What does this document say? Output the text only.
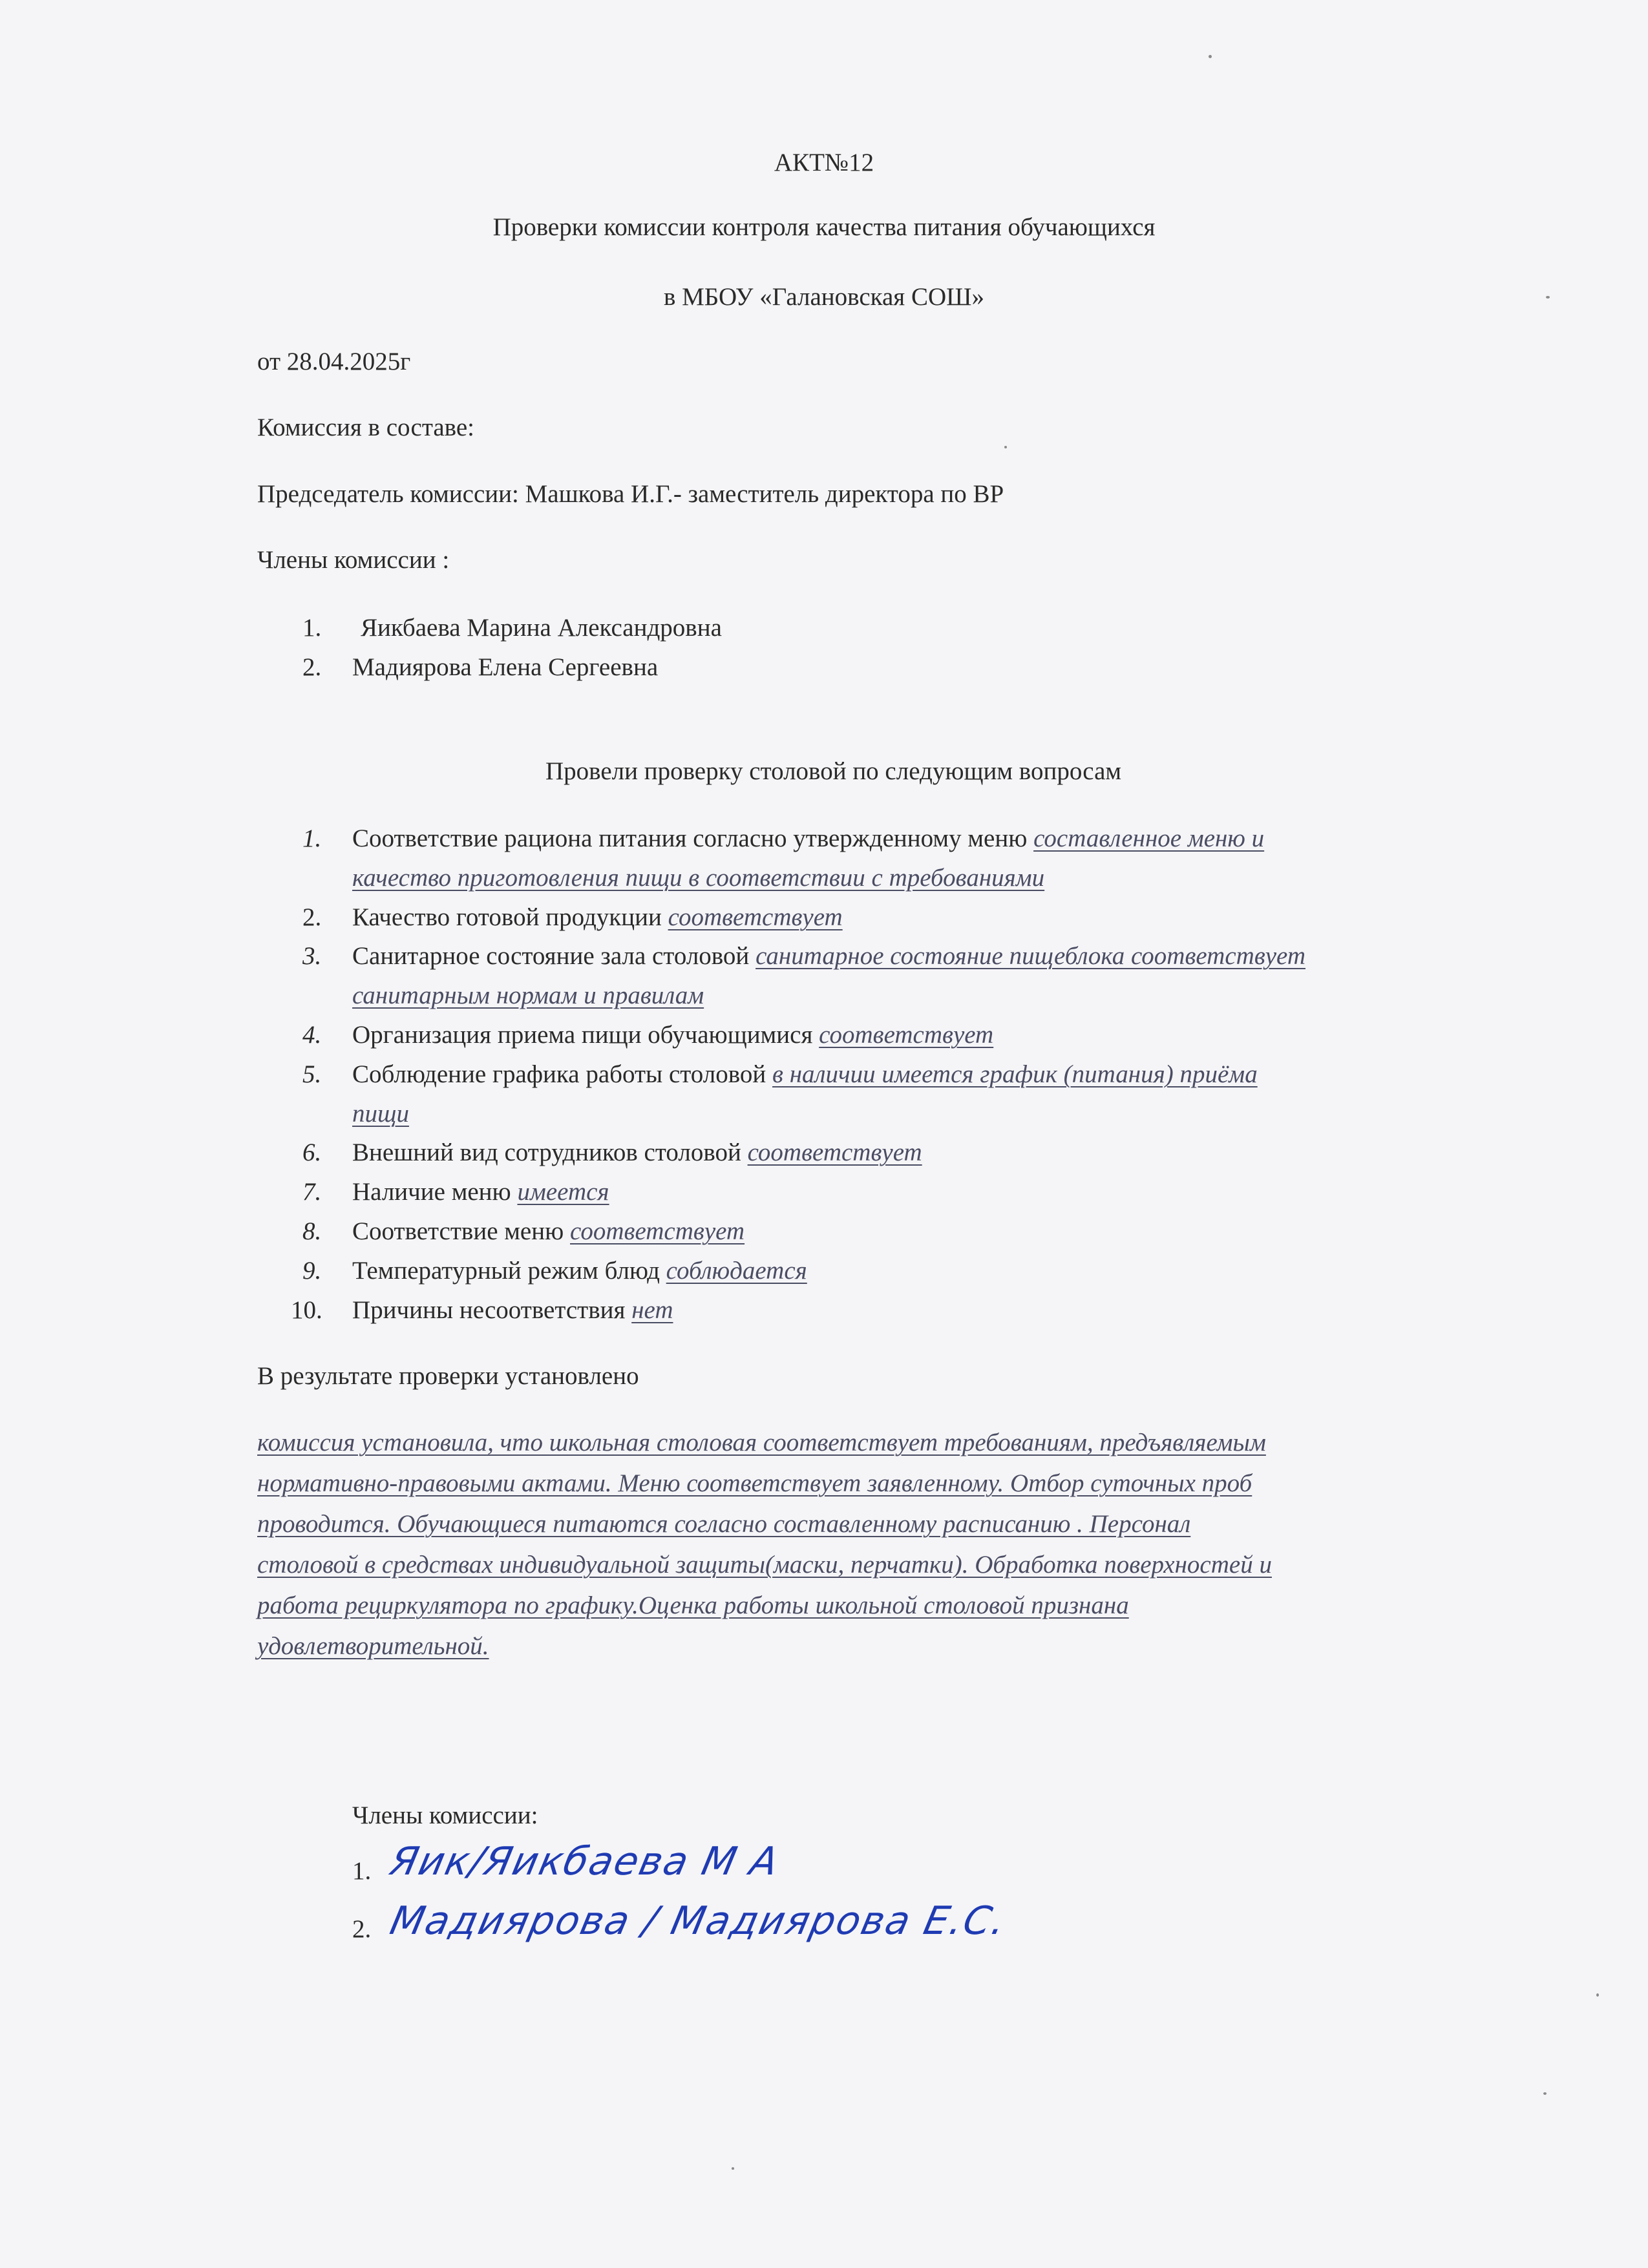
АКТ№12
Проверки комиссии контроля качества питания обучающихся
в МБОУ «Галановская СОШ»
от 28.04.2025г
Комиссия в составе:
Председатель комиссии: Машкова И.Г.- заместитель директора по ВР
Члены комиссии :
1. Яикбаева Марина Александровна
2. Мадиярова Елена Сергеевна
Провели проверку столовой по следующим вопросам
1. Соответствие рациона питания согласно утвержденному меню составленное меню и
качество приготовления пищи в соответствии с требованиями
2. Качество готовой продукции соответствует
3. Санитарное состояние зала столовой санитарное состояние пищеблока соответствует
санитарным нормам и правилам
4. Организация приема пищи обучающимися соответствует
5. Соблюдение графика работы столовой в наличии имеется график (питания) приёма
пищи
6. Внешний вид сотрудников столовой соответствует
7. Наличие меню имеется
8. Соответствие меню соответствует
9. Температурный режим блюд соблюдается
10. Причины несоответствия нет
В результате проверки установлено
комиссия установила, что школьная столовая соответствует требованиям, предъявляемым
нормативно-правовыми актами. Меню соответствует заявленному. Отбор суточных проб
проводится. Обучающиеся питаются согласно составленному расписанию . Персонал
столовой в средствах индивидуальной защиты(маски, перчатки). Обработка поверхностей и
работа рециркулятора по графику.Оценка работы школьной столовой признана
удовлетворительной.
Члены комиссии:
1. Яик/Яикбаева М А
2. Мадиярова / Мадиярова Е.С.
